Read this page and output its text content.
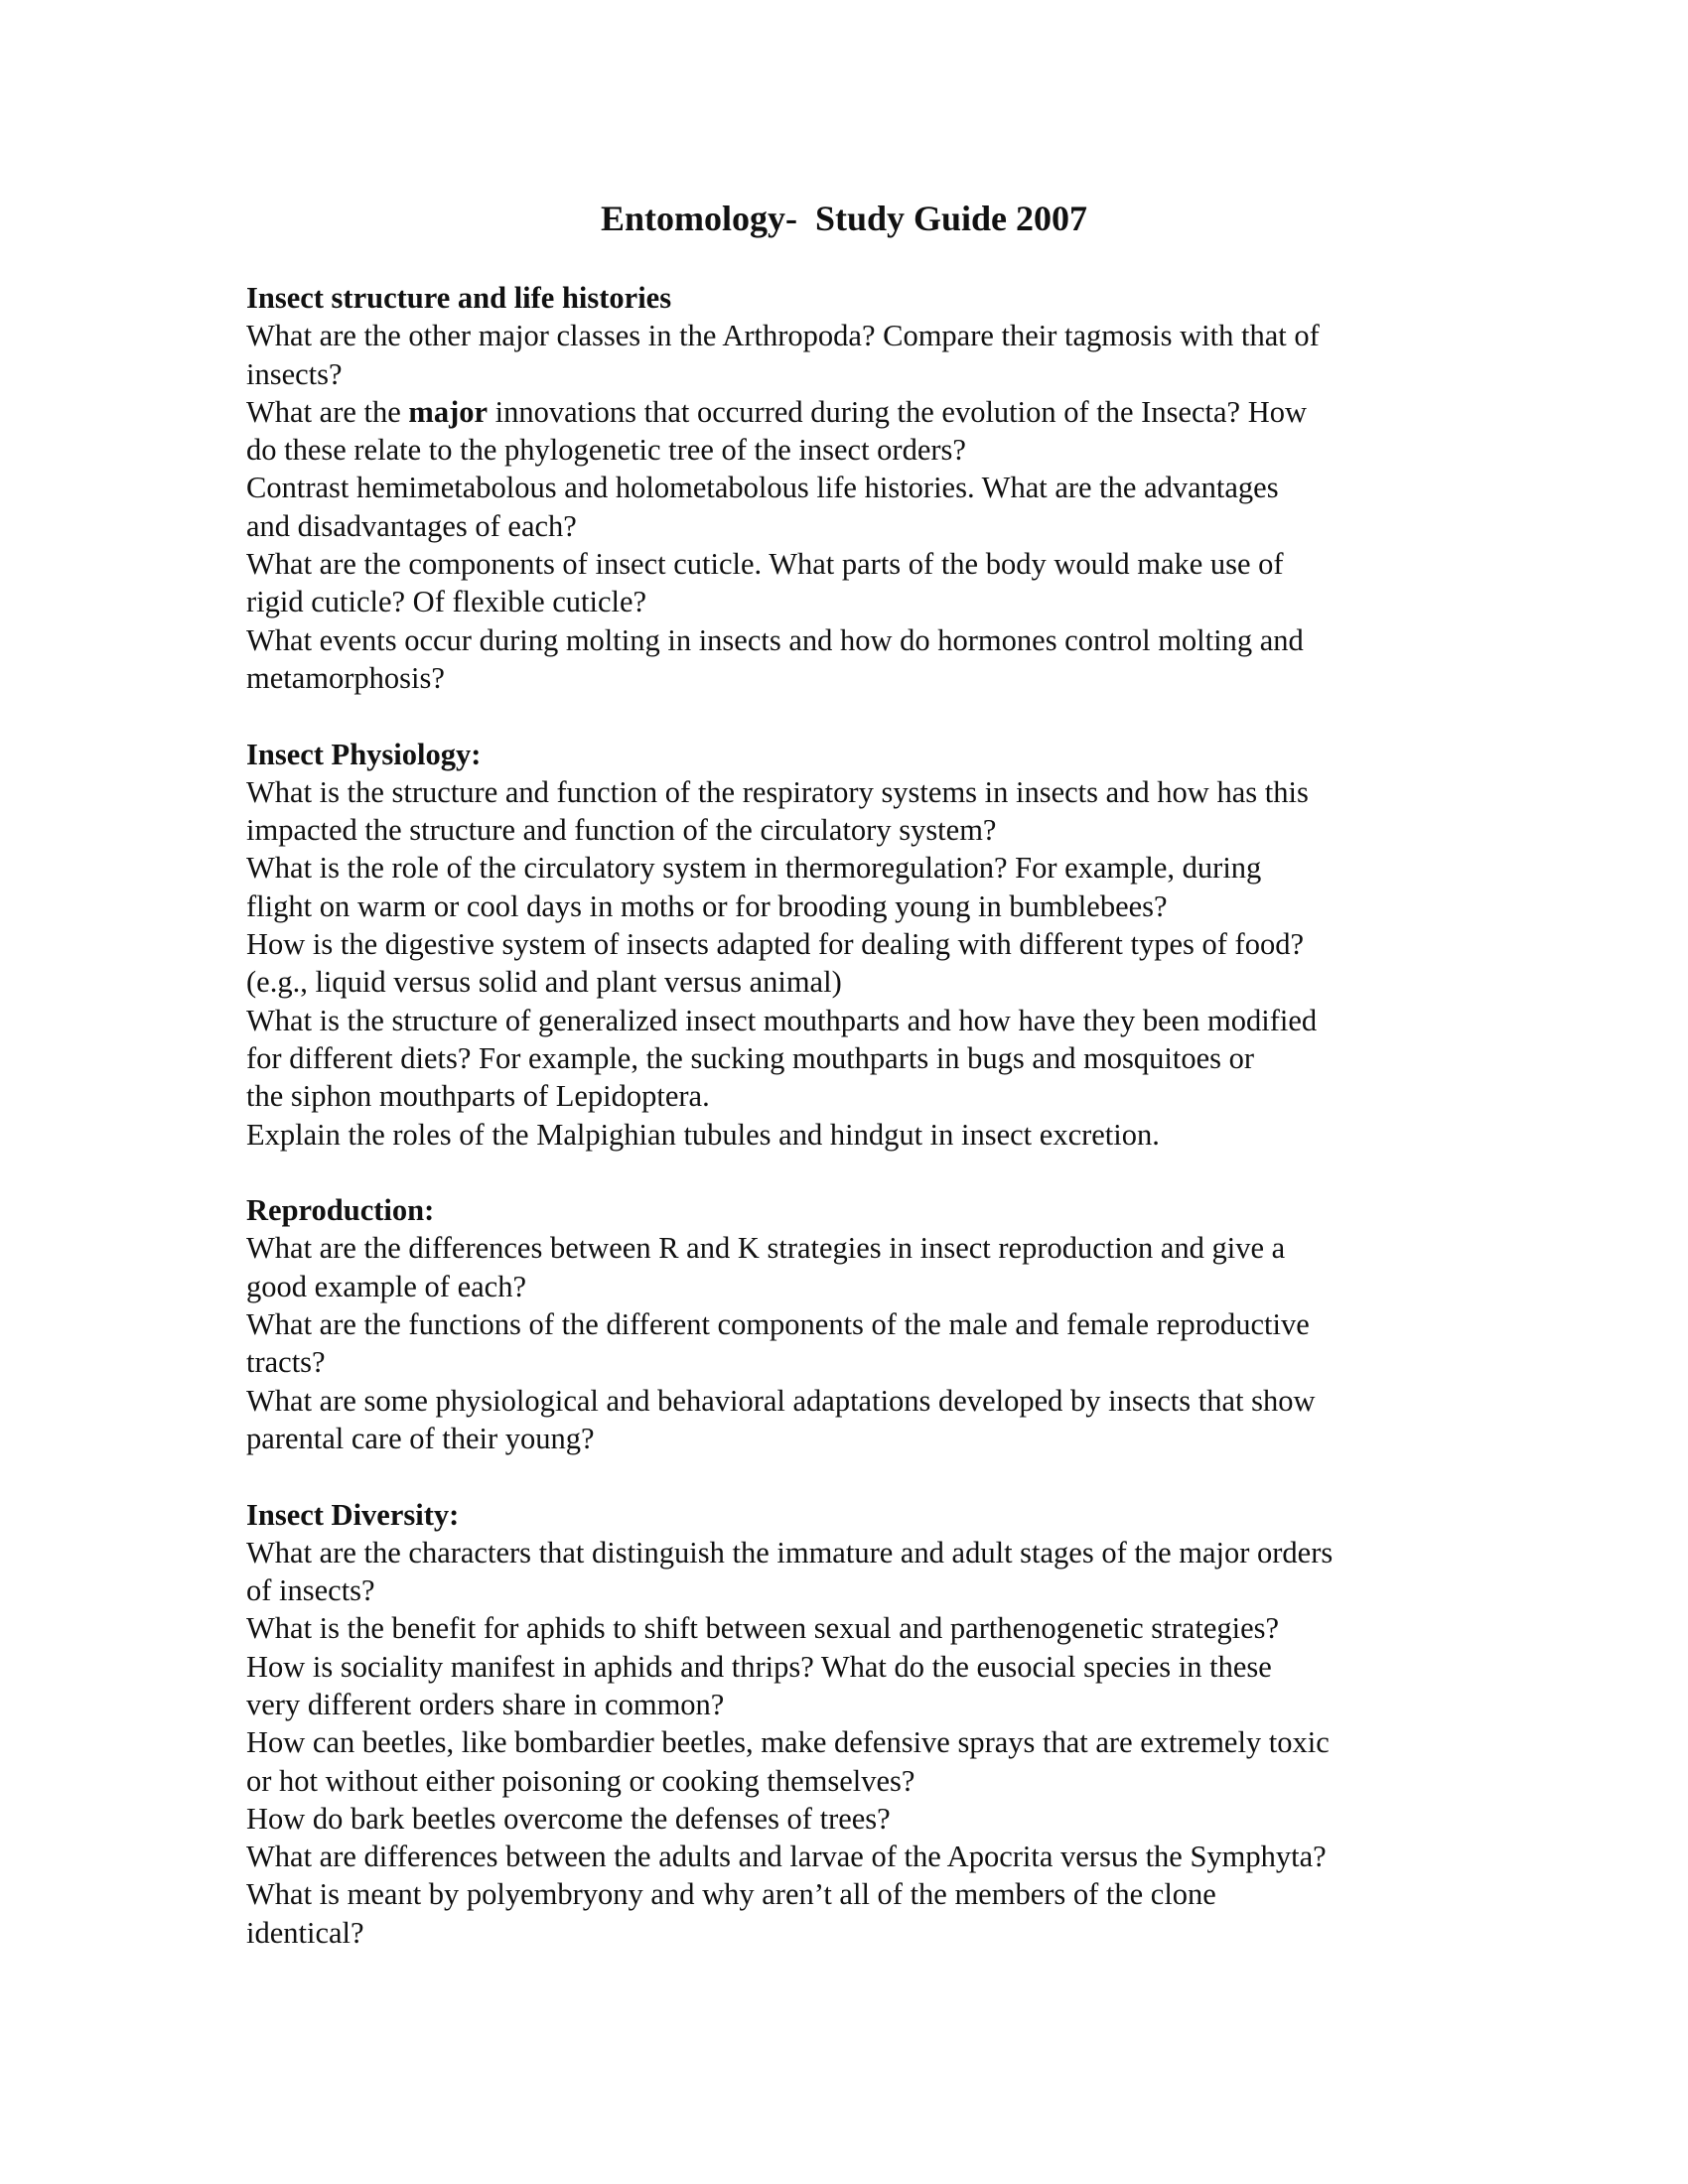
Entomology-  Study Guide 2007
Insect structure and life histories
What are the other major classes in the Arthropoda? Compare their tagmosis with that of
insects?
What are the major innovations that occurred during the evolution of the Insecta? How
do these relate to the phylogenetic tree of the insect orders?
Contrast hemimetabolous and holometabolous life histories. What are the advantages
and disadvantages of each?
What are the components of insect cuticle. What parts of the body would make use of
rigid cuticle? Of flexible cuticle?
What events occur during molting in insects and how do hormones control molting and
metamorphosis?
Insect Physiology:
What is the structure and function of the respiratory systems in insects and how has this
impacted the structure and function of the circulatory system?
What is the role of the circulatory system in thermoregulation? For example, during
flight on warm or cool days in moths or for brooding young in bumblebees?
How is the digestive system of insects adapted for dealing with different types of food?
(e.g., liquid versus solid and plant versus animal)
What is the structure of generalized insect mouthparts and how have they been modified
for different diets? For example, the sucking mouthparts in bugs and mosquitoes or
the siphon mouthparts of Lepidoptera.
Explain the roles of the Malpighian tubules and hindgut in insect excretion.
Reproduction:
What are the differences between R and K strategies in insect reproduction and give a
good example of each?
What are the functions of the different components of the male and female reproductive
tracts?
What are some physiological and behavioral adaptations developed by insects that show
parental care of their young?
Insect Diversity:
What are the characters that distinguish the immature and adult stages of the major orders
of insects?
What is the benefit for aphids to shift between sexual and parthenogenetic strategies?
How is sociality manifest in aphids and thrips? What do the eusocial species in these
very different orders share in common?
How can beetles, like bombardier beetles, make defensive sprays that are extremely toxic
or hot without either poisoning or cooking themselves?
How do bark beetles overcome the defenses of trees?
What are differences between the adults and larvae of the Apocrita versus the Symphyta?
What is meant by polyembryony and why aren’t all of the members of the clone
identical?
